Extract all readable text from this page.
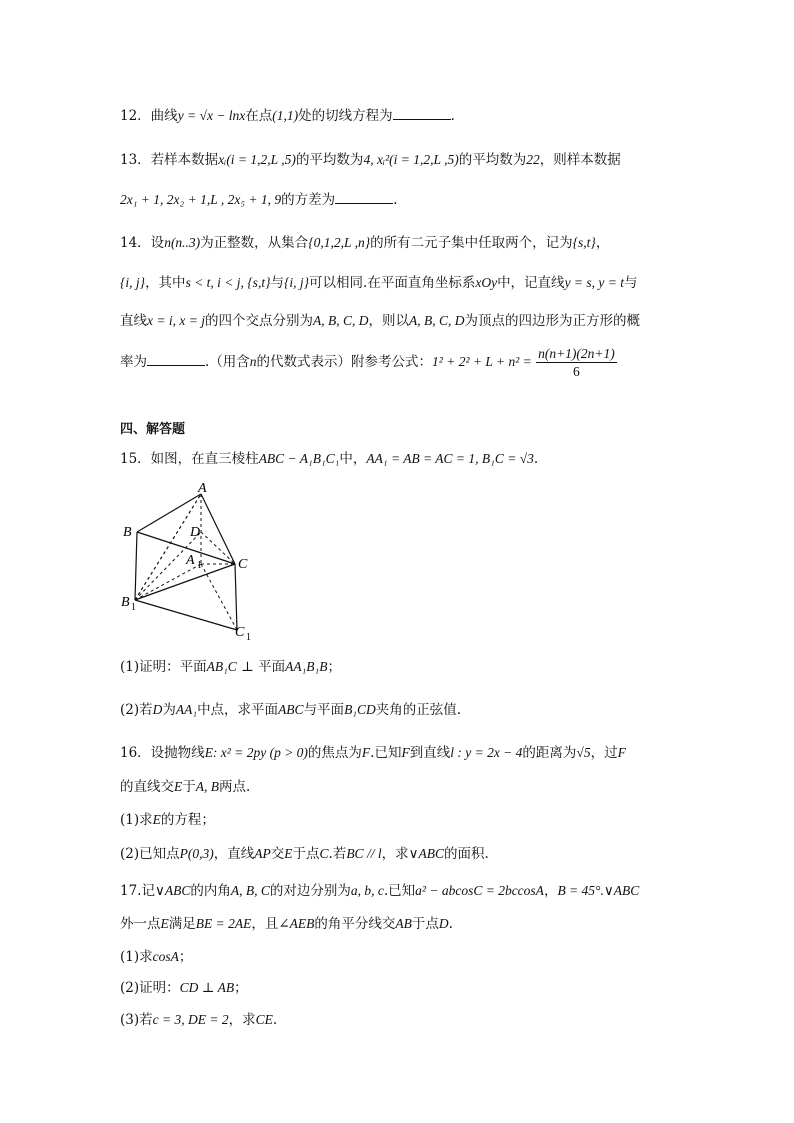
12．曲线y = √x − lnx在点(1,1)处的切线方程为	.
13．若样本数据xᵢ(i = 1,2,L ,5)的平均数为4, xᵢ²(i = 1,2,L ,5)的平均数为22，则样本数据
2x₁ + 1, 2x₂ + 1,L , 2x₅ + 1, 9的方差为	.
14．设n(n..3)为正整数，从集合{0,1,2,L ,n}的所有二元子集中任取两个，记为{s,t}，
{i, j}，其中s < t, i < j, {s,t}与{i, j}可以相同.在平面直角坐标系xOy中，记直线y = s, y = t与
直线x = i, x = j的四个交点分别为A, B, C, D，则以A, B, C, D为顶点的四边形为正方形的概
率为	.（用含n的代数式表示）附参考公式：$1^2 + 2^2 + L + n^2 = \frac{n(n+1)(2n+1)}{6}$
四、解答题
15．如图，在直三棱柱ABC − A₁B₁C₁中，AA₁ = AB = AC = 1, B₁C = √3.
A
B
C
D
A 1
B 1
C 1
(1)证明：平面AB₁C ⊥ 平面AA₁B₁B；
(2)若D为AA₁中点，求平面ABC与平面B₁CD夹角的正弦值.
16．设抛物线E: x² = 2py (p > 0)的焦点为F.已知F到直线l : y = 2x − 4的距离为√5，过F
的直线交E于A, B两点.
(1)求E的方程；
(2)已知点P(0,3)，直线AP交E于点C.若BC // l，求∨ABC的面积.
17.记∨ABC的内角A, B, C的对边分别为a, b, c.已知a² − abcosC = 2bccosA，B = 45°.∨ABC
外一点E满足BE = 2AE，且∠AEB的角平分线交AB于点D.
(1)求cosA；
(2)证明：CD ⊥ AB；
(3)若c = 3, DE = 2，求CE.
